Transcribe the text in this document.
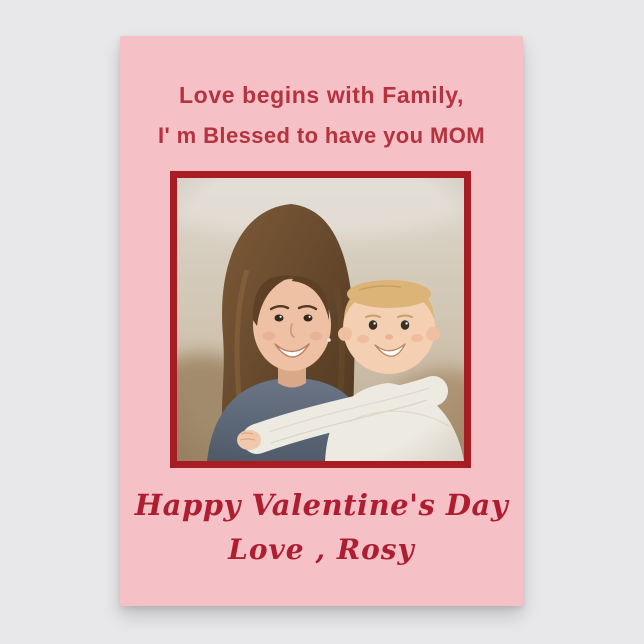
Love begins with Family,
I' m Blessed to have you MOM
Happy Valentine's Day
Love , Rosy
